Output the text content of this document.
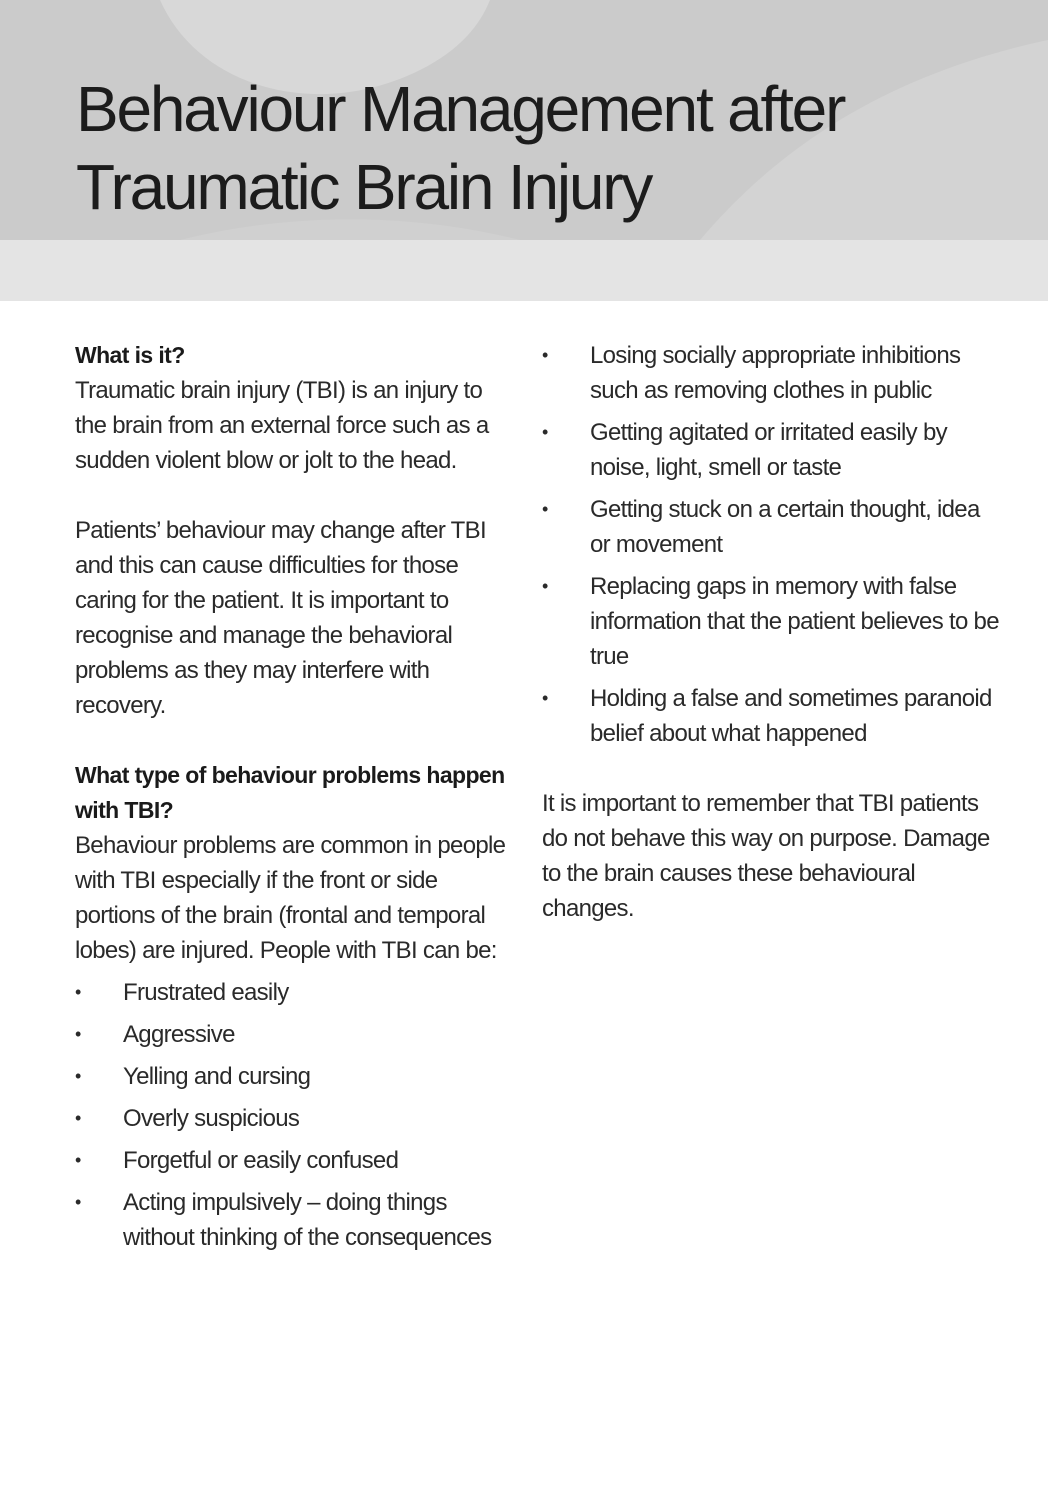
Behaviour Management after Traumatic Brain Injury
What is it?

Traumatic brain injury (TBI) is an injury to the brain from an external force such as a sudden violent blow or jolt to the head.

Patients’ behaviour may change after TBI and this can cause difficulties for those caring for the patient. It is important to recognise and manage the behavioral problems as they may interfere with recovery.

What type of behaviour problems happen with TBI?

Behaviour problems are common in people with TBI especially if the front or side portions of the brain (frontal and temporal lobes) are injured. People with TBI can be:

•	Frustrated easily
•	Aggressive
•	Yelling and cursing
•	Overly suspicious
•	Forgetful or easily confused
•	Acting impulsively – doing things without thinking of the consequences
•	Losing socially appropriate inhibitions such as removing clothes in public
•	Getting agitated or irritated easily by noise, light, smell or taste
•	Getting stuck on a certain thought, idea or movement
•	Replacing gaps in memory with false information that the patient believes to be true
•	Holding a false and sometimes paranoid belief about what happened

It is important to remember that TBI patients do not behave this way on purpose. Damage to the brain causes these behavioural changes.
